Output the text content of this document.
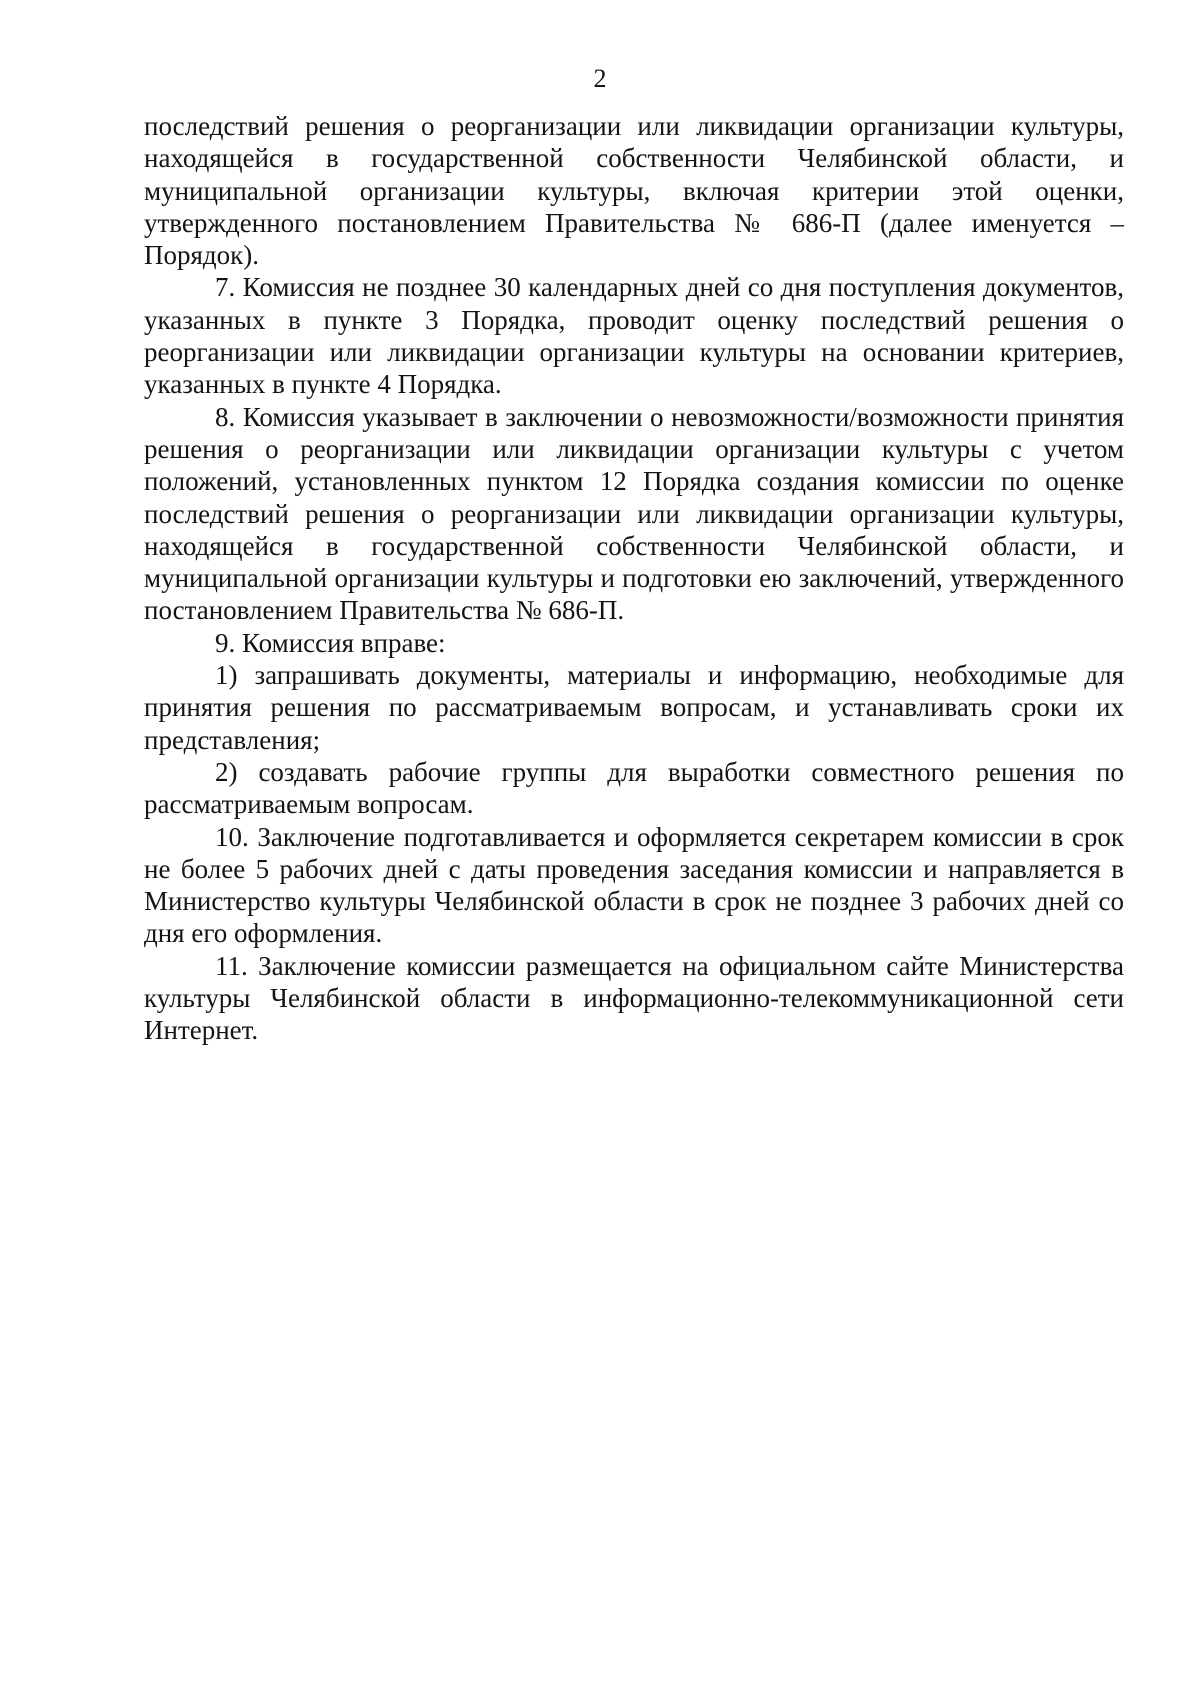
2

последствий решения о реорганизации или ликвидации организации культуры, находящейся в государственной собственности Челябинской области, и муниципальной организации культуры, включая критерии этой оценки, утвержденного постановлением Правительства № 686-П (далее именуется – Порядок).

7. Комиссия не позднее 30 календарных дней со дня поступления документов, указанных в пункте 3 Порядка, проводит оценку последствий решения о реорганизации или ликвидации организации культуры на основании критериев, указанных в пункте 4 Порядка.

8. Комиссия указывает в заключении о невозможности/возможности принятия решения о реорганизации или ликвидации организации культуры с учетом положений, установленных пунктом 12 Порядка создания комиссии по оценке последствий решения о реорганизации или ликвидации организации культуры, находящейся в государственной собственности Челябинской области, и муниципальной организации культуры и подготовки ею заключений, утвержденного постановлением Правительства № 686-П.

9. Комиссия вправе:

1) запрашивать документы, материалы и информацию, необходимые для принятия решения по рассматриваемым вопросам, и устанавливать сроки их представления;

2) создавать рабочие группы для выработки совместного решения по рассматриваемым вопросам.

10. Заключение подготавливается и оформляется секретарем комиссии в срок не более 5 рабочих дней с даты проведения заседания комиссии и направляется в Министерство культуры Челябинской области в срок не позднее 3 рабочих дней со дня его оформления.

11. Заключение комиссии размещается на официальном сайте Министерства культуры Челябинской области в информационно-телекоммуникационной сети Интернет.
